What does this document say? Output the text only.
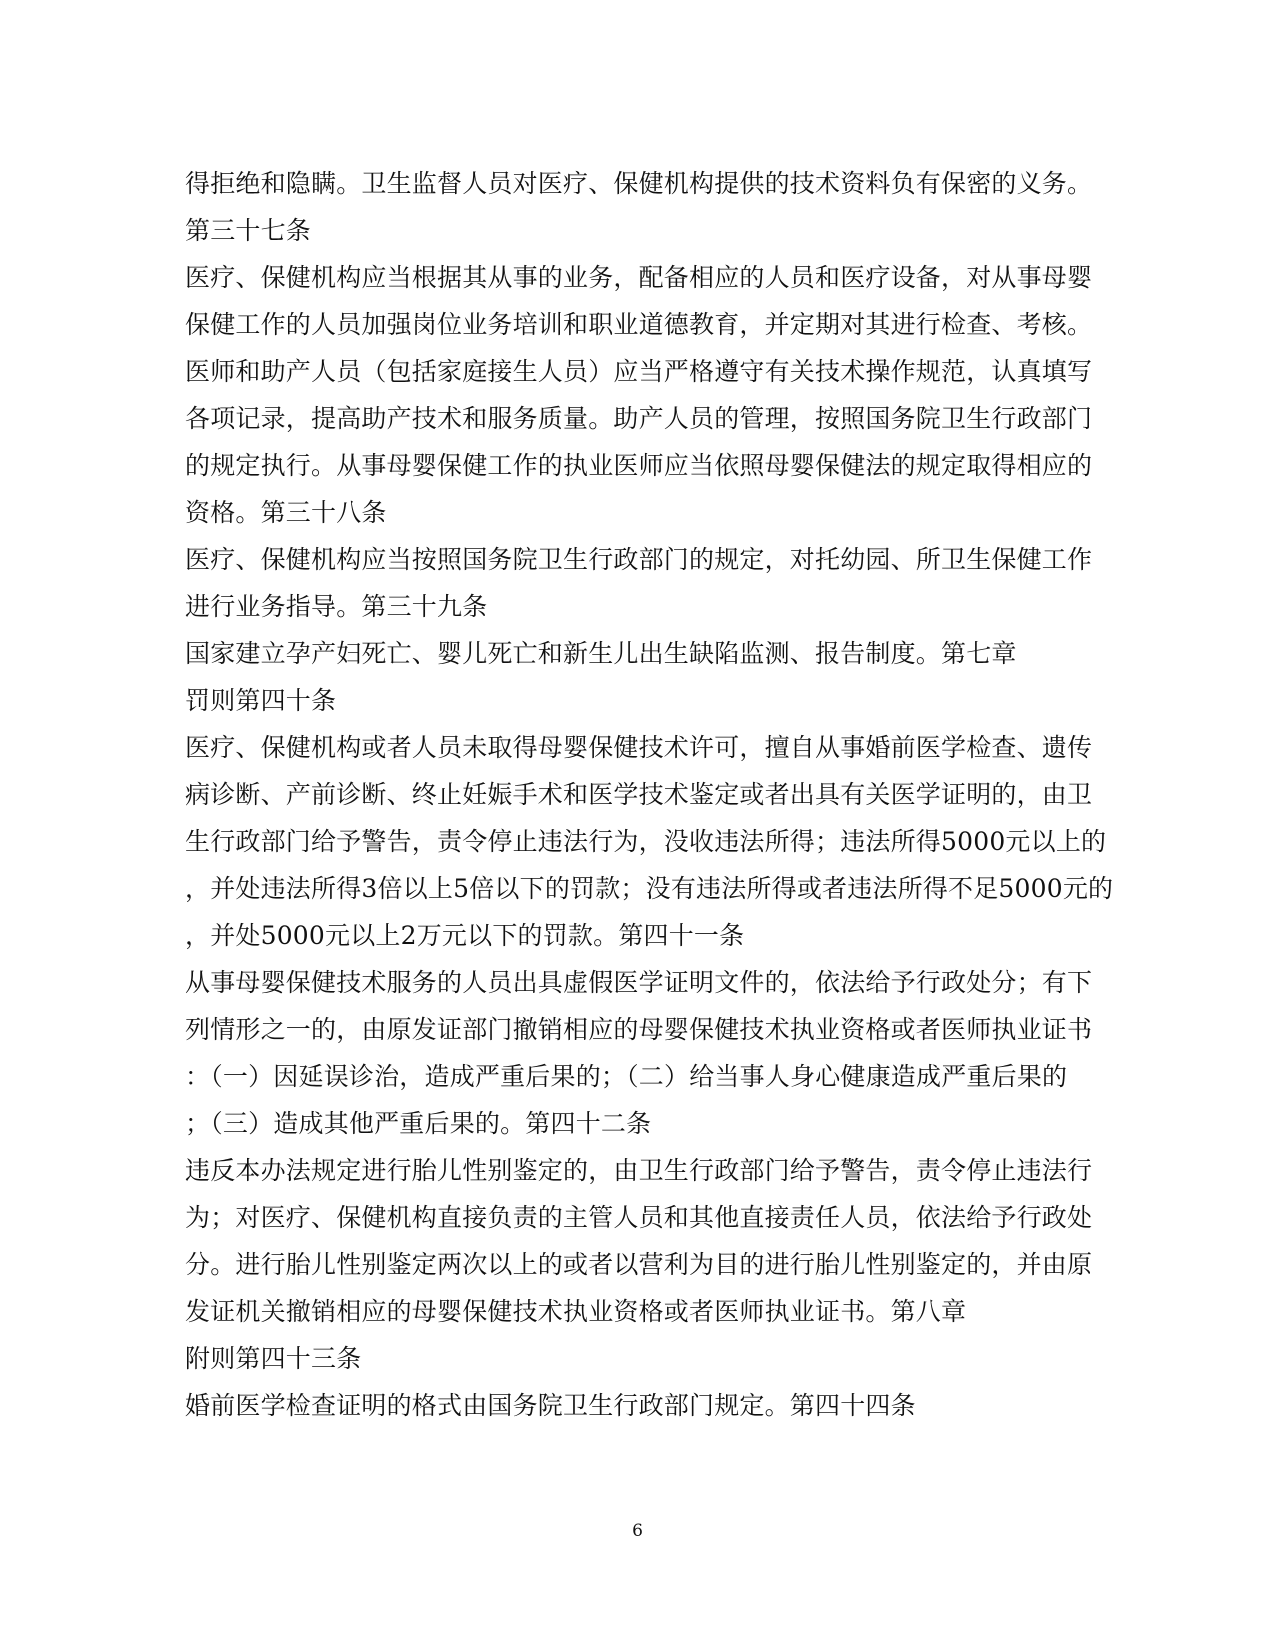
得拒绝和隐瞒。卫生监督人员对医疗、保健机构提供的技术资料负有保密的义务。
第三十七条
医疗、保健机构应当根据其从事的业务，配备相应的人员和医疗设备，对从事母婴
保健工作的人员加强岗位业务培训和职业道德教育，并定期对其进行检查、考核。
医师和助产人员（包括家庭接生人员）应当严格遵守有关技术操作规范，认真填写
各项记录，提高助产技术和服务质量。助产人员的管理，按照国务院卫生行政部门
的规定执行。从事母婴保健工作的执业医师应当依照母婴保健法的规定取得相应的
资格。第三十八条
医疗、保健机构应当按照国务院卫生行政部门的规定，对托幼园、所卫生保健工作
进行业务指导。第三十九条
国家建立孕产妇死亡、婴儿死亡和新生儿出生缺陷监测、报告制度。第七章
罚则第四十条
医疗、保健机构或者人员未取得母婴保健技术许可，擅自从事婚前医学检查、遗传
病诊断、产前诊断、终止妊娠手术和医学技术鉴定或者出具有关医学证明的，由卫
生行政部门给予警告，责令停止违法行为，没收违法所得；违法所得5000元以上的
，并处违法所得3倍以上5倍以下的罚款；没有违法所得或者违法所得不足5000元的
，并处5000元以上2万元以下的罚款。第四十一条
从事母婴保健技术服务的人员出具虚假医学证明文件的，依法给予行政处分；有下
列情形之一的，由原发证部门撤销相应的母婴保健技术执业资格或者医师执业证书
：（一）因延误诊治，造成严重后果的；（二）给当事人身心健康造成严重后果的
；（三）造成其他严重后果的。第四十二条
违反本办法规定进行胎儿性别鉴定的，由卫生行政部门给予警告，责令停止违法行
为；对医疗、保健机构直接负责的主管人员和其他直接责任人员，依法给予行政处
分。进行胎儿性别鉴定两次以上的或者以营利为目的进行胎儿性别鉴定的，并由原
发证机关撤销相应的母婴保健技术执业资格或者医师执业证书。第八章
附则第四十三条
婚前医学检查证明的格式由国务院卫生行政部门规定。第四十四条
6
